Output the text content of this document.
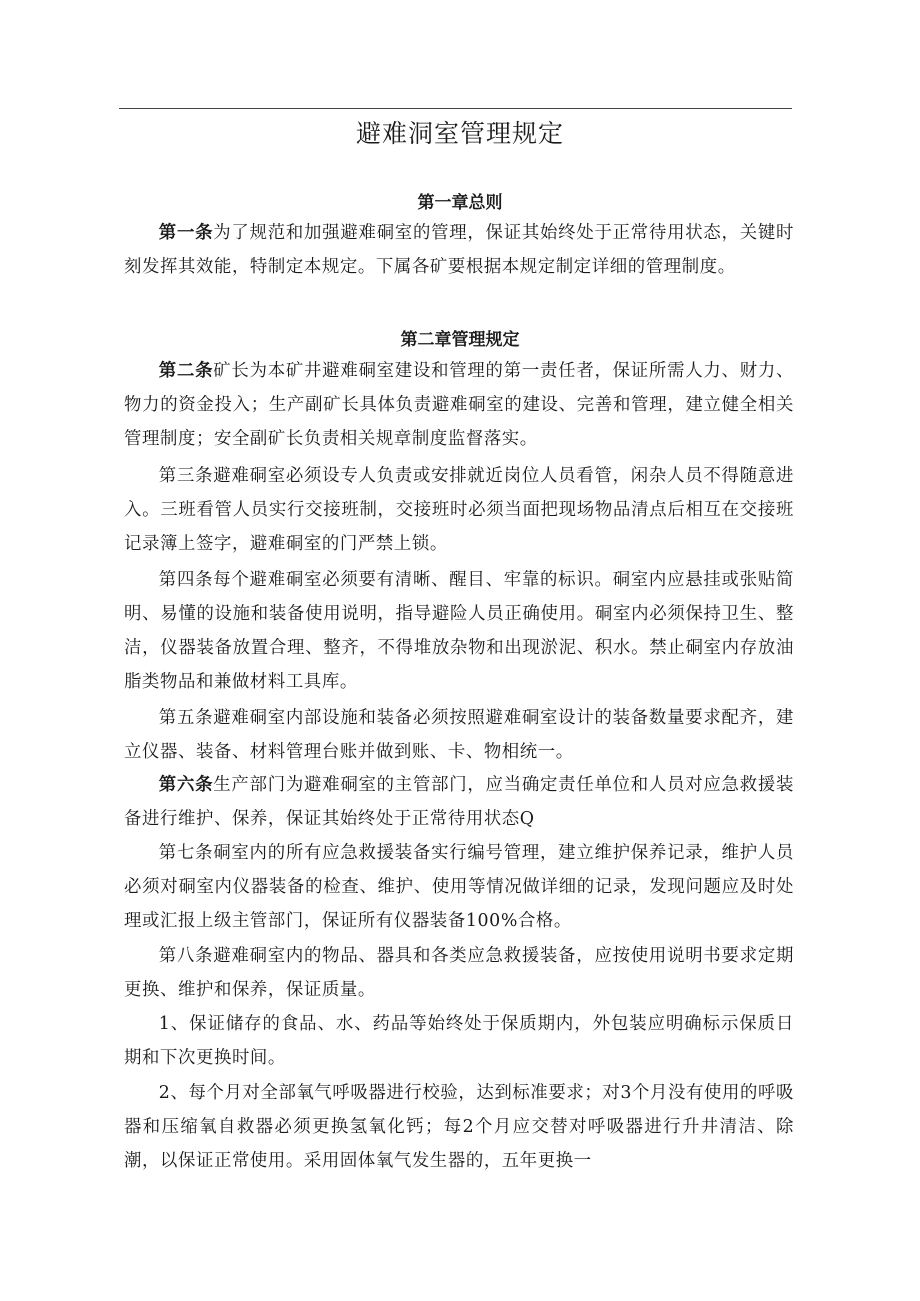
避难洞室管理规定
第一章总则

第一条为了规范和加强避难硐室的管理，保证其始终处于正常待用状态，关键时刻发挥其效能，特制定本规定。下属各矿要根据本规定制定详细的管理制度。

第二章管理规定

第二条矿长为本矿井避难硐室建设和管理的第一责任者，保证所需人力、财力、物力的资金投入；生产副矿长具体负责避难硐室的建设、完善和管理，建立健全相关管理制度；安全副矿长负责相关规章制度监督落实。

第三条避难硐室必须设专人负责或安排就近岗位人员看管，闲杂人员不得随意进入。三班看管人员实行交接班制，交接班时必须当面把现场物品清点后相互在交接班记录簿上签字，避难硐室的门严禁上锁。

第四条每个避难硐室必须要有清晰、醒目、牢靠的标识。硐室内应悬挂或张贴简明、易懂的设施和装备使用说明，指导避险人员正确使用。硐室内必须保持卫生、整洁，仪器装备放置合理、整齐，不得堆放杂物和出现淤泥、积水。禁止硐室内存放油脂类物品和兼做材料工具库。

第五条避难硐室内部设施和装备必须按照避难硐室设计的装备数量要求配齐，建立仪器、装备、材料管理台账并做到账、卡、物相统一。

第六条生产部门为避难硐室的主管部门，应当确定责任单位和人员对应急救援装备进行维护、保养，保证其始终处于正常待用状态Q

第七条硐室内的所有应急救援装备实行编号管理，建立维护保养记录，维护人员必须对硐室内仪器装备的检查、维护、使用等情况做详细的记录，发现问题应及时处理或汇报上级主管部门，保证所有仪器装备100%合格。

第八条避难硐室内的物品、器具和各类应急救援装备，应按使用说明书要求定期更换、维护和保养，保证质量。

1、保证储存的食品、水、药品等始终处于保质期内，外包装应明确标示保质日期和下次更换时间。

2、每个月对全部氧气呼吸器进行校验，达到标准要求；对3个月没有使用的呼吸器和压缩氧自救器必须更换氢氧化钙；每2个月应交替对呼吸器进行升井清洁、除潮，以保证正常使用。采用固体氧气发生器的，五年更换一
